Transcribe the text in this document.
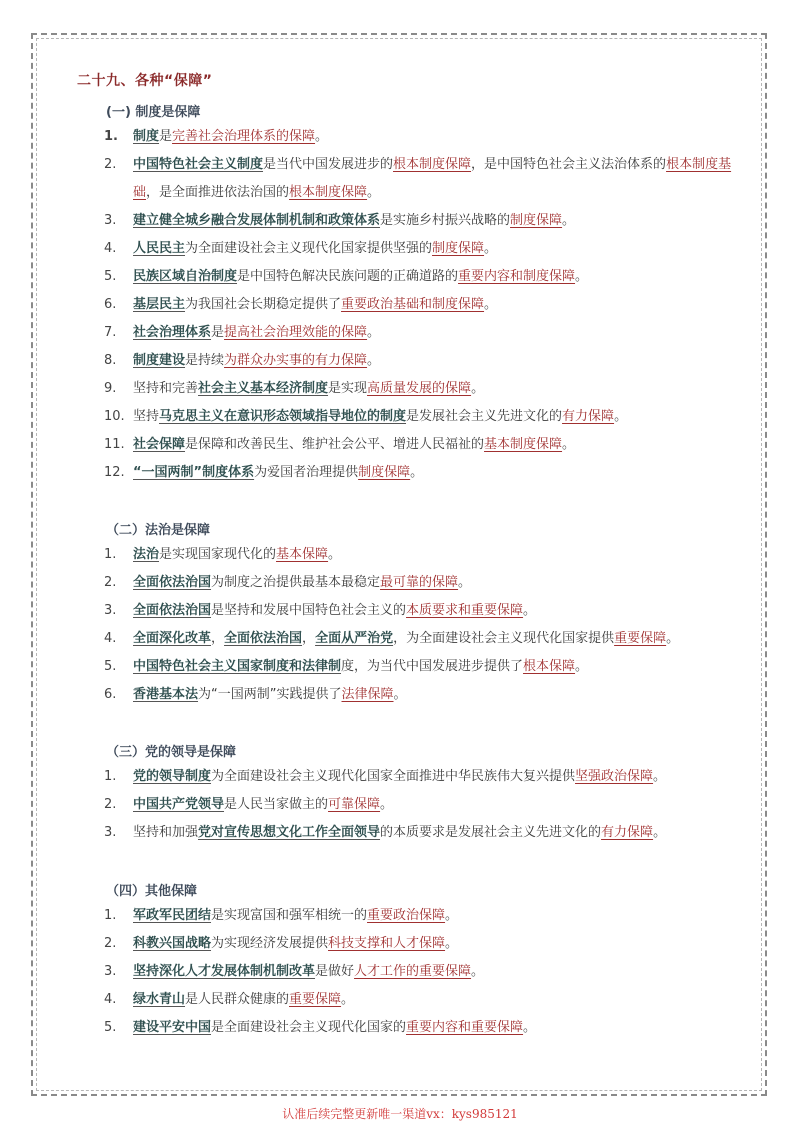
二十九、各种“保障”
(一) 制度是保障
1.	制度是完善社会治理体系的保障。
2.	中国特色社会主义制度是当代中国发展进步的根本制度保障，是中国特色社会主义法治体系的根本制度基础，是全面推进依法治国的根本制度保障。
3.	建立健全城乡融合发展体制机制和政策体系是实施乡村振兴战略的制度保障。
4.	人民民主为全面建设社会主义现代化国家提供坚强的制度保障。
5.	民族区域自治制度是中国特色解决民族问题的正确道路的重要内容和制度保障。
6.	基层民主为我国社会长期稳定提供了重要政治基础和制度保障。
7.	社会治理体系是提高社会治理效能的保障。
8.	制度建设是持续为群众办实事的有力保障。
9.	坚持和完善社会主义基本经济制度是实现高质量发展的保障。
10. 坚持马克思主义在意识形态领域指导地位的制度是发展社会主义先进文化的有力保障。
11. 社会保障是保障和改善民生、维护社会公平、增进人民福祉的基本制度保障。
12. “一国两制”制度体系为爱国者治理提供制度保障。
（二）法治是保障
1.	法治是实现国家现代化的基本保障。
2.	全面依法治国为制度之治提供最基本最稳定最可靠的保障。
3.	全面依法治国是坚持和发展中国特色社会主义的本质要求和重要保障。
4.	全面深化改革，全面依法治国，全面从严治党，为全面建设社会主义现代化国家提供重要保障。
5.	中国特色社会主义国家制度和法律制度，为当代中国发展进步提供了根本保障。
6.	香港基本法为“一国两制”实践提供了法律保障。
（三）党的领导是保障
1.	党的领导制度为全面建设社会主义现代化国家全面推进中华民族伟大复兴提供坚强政治保障。
2.	中国共产党领导是人民当家做主的可靠保障。
3.	坚持和加强党对宣传思想文化工作全面领导的本质要求是发展社会主义先进文化的有力保障。
（四）其他保障
1.	军政军民团结是实现富国和强军相统一的重要政治保障。
2.	科教兴国战略为实现经济发展提供科技支撑和人才保障。
3.	坚持深化人才发展体制机制改革是做好人才工作的重要保障。
4.	绿水青山是人民群众健康的重要保障。
5.	建设平安中国是全面建设社会主义现代化国家的重要内容和重要保障。
认准后续完整更新唯一渠道vx：kys985121
